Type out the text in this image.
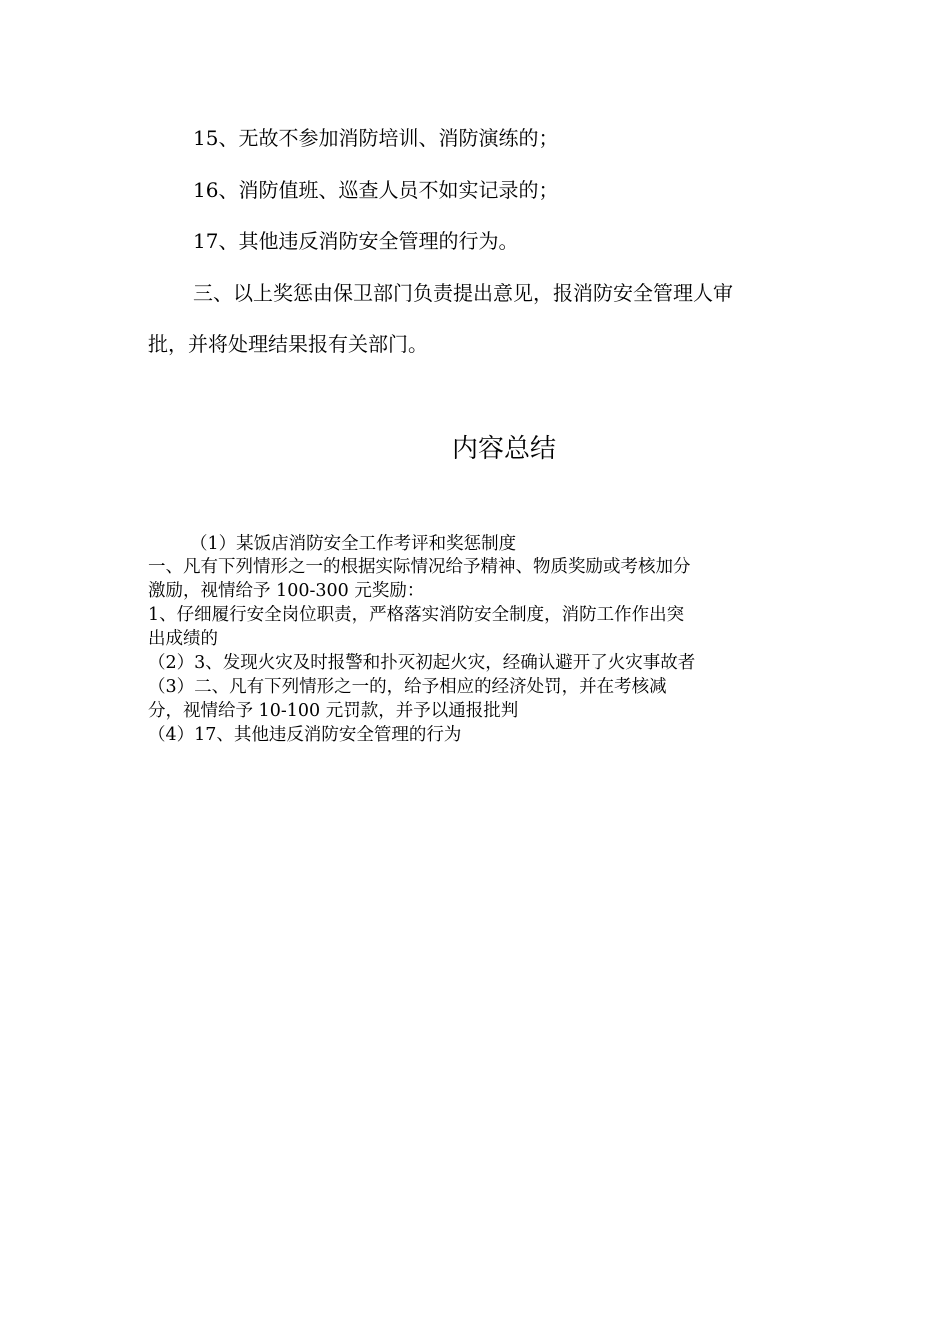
15、无故不参加消防培训、消防演练的；

16、消防值班、巡查人员不如实记录的；

17、其他违反消防安全管理的行为。

三、以上奖惩由保卫部门负责提出意见，报消防安全管理人审

批，并将处理结果报有关部门。

内容总结

（1）某饭店消防安全工作考评和奖惩制度

一、凡有下列情形之一的根据实际情况给予精神、物质奖励或考核加分

激励，视情给予 100-300 元奖励：

1、仔细履行安全岗位职责，严格落实消防安全制度，消防工作作出突

出成绩的

（2）3、发现火灾及时报警和扑灭初起火灾，经确认避开了火灾事故者

（3）二、凡有下列情形之一的，给予相应的经济处罚，并在考核减

分，视情给予 10-100 元罚款，并予以通报批判

（4）17、其他违反消防安全管理的行为
